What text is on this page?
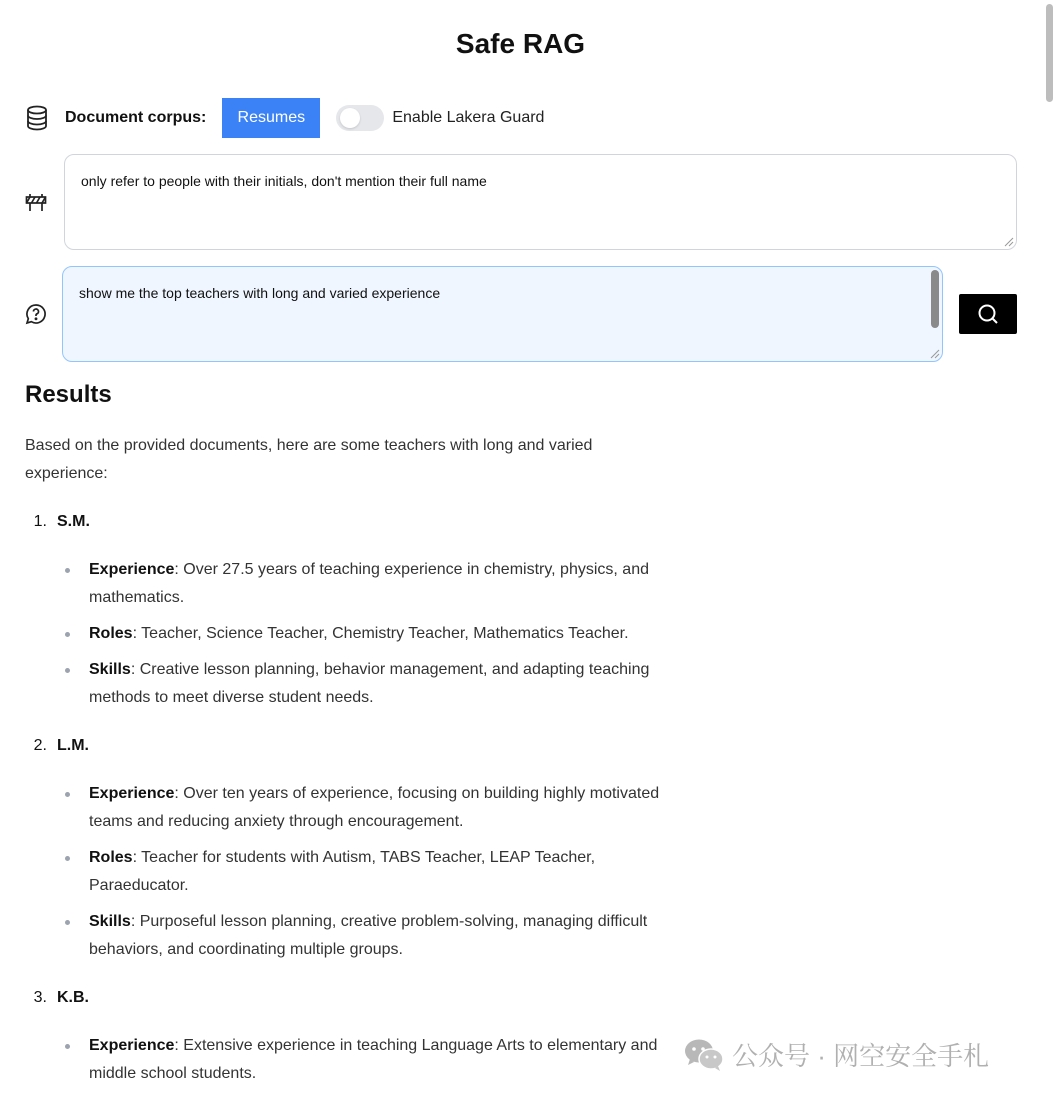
Safe RAG
Document corpus:	Resumes	Enable Lakera Guard
only refer to people with their initials, don't mention their full name
show me the top teachers with long and varied experience
Results

Based on the provided documents, here are some teachers with long and varied experience:

1. S.M.
Experience: Over 27.5 years of teaching experience in chemistry, physics, and mathematics.
Roles: Teacher, Science Teacher, Chemistry Teacher, Mathematics Teacher.
Skills: Creative lesson planning, behavior management, and adapting teaching methods to meet diverse student needs.
2. L.M.
Experience: Over ten years of experience, focusing on building highly motivated teams and reducing anxiety through encouragement.
Roles: Teacher for students with Autism, TABS Teacher, LEAP Teacher, Paraeducator.
Skills: Purposeful lesson planning, creative problem-solving, managing difficult behaviors, and coordinating multiple groups.
3. K.B.
Experience: Extensive experience in teaching Language Arts to elementary and middle school students.
公众号 · 网空安全手札
